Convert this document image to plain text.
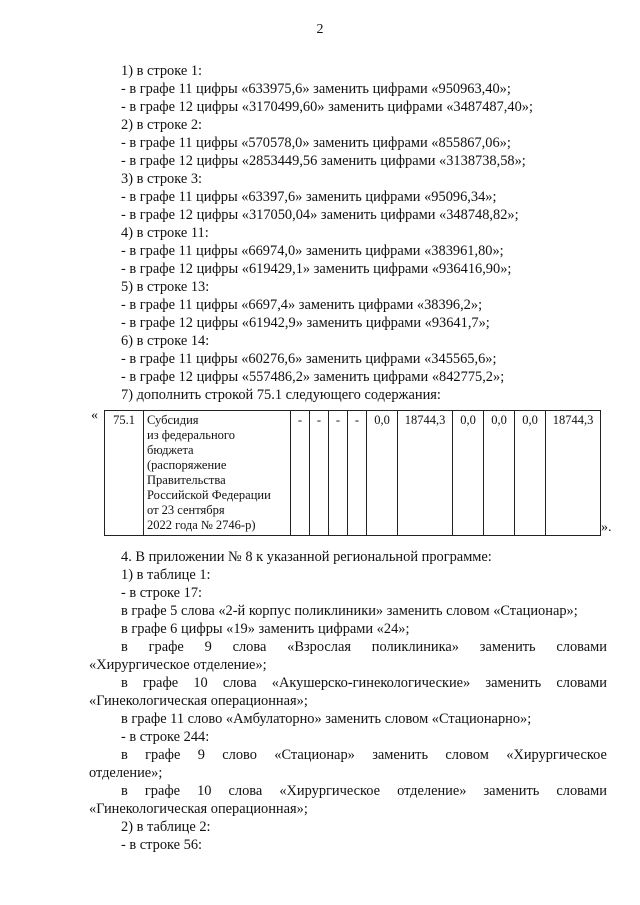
2
1) в строке 1:
- в графе 11 цифры «633975,6» заменить цифрами «950963,40»;
- в графе 12 цифры «3170499,60» заменить цифрами «3487487,40»;
2) в строке 2:
- в графе 11 цифры «570578,0» заменить цифрами «855867,06»;
- в графе 12 цифры «2853449,56 заменить цифрами «3138738,58»;
3) в строке 3:
- в графе 11 цифры «63397,6» заменить цифрами «95096,34»;
- в графе 12 цифры «317050,04» заменить цифрами «348748,82»;
4) в строке 11:
- в графе 11 цифры «66974,0» заменить цифрами «383961,80»;
- в графе 12 цифры «619429,1» заменить цифрами «936416,90»;
5) в строке 13:
- в графе 11 цифры «6697,4» заменить цифрами «38396,2»;
- в графе 12 цифры «61942,9» заменить цифрами «93641,7»;
6) в строке 14:
- в графе 11 цифры «60276,6» заменить цифрами «345565,6»;
- в графе 12 цифры «557486,2» заменить цифрами «842775,2»;
7) дополнить строкой 75.1 следующего содержания:
« 75.1	Субсидия
из федерального
бюджета
(распоряжение
Правительства
Российской Федерации
от 23 сентября
2022 года № 2746-р)
	-	-	-	-	0,0	18744,3	0,0	0,0	0,0	18744,3
».
4. В приложении № 8 к указанной региональной программе:
1) в таблице 1:
- в строке 17:
в графе 5 слова «2-й корпус поликлиники» заменить словом «Стационар»;
в графе 6 цифры «19» заменить цифрами «24»;
в графе 9 слова «Взрослая поликлиника» заменить словами
«Хирургическое отделение»;
в графе 10 слова «Акушерско-гинекологические» заменить словами
«Гинекологическая операционная»;
в графе 11 слово «Амбулаторно» заменить словом «Стационарно»;
- в строке 244:
в графе 9 слово «Стационар» заменить словом «Хирургическое
отделение»;
в графе 10 слова «Хирургическое отделение» заменить словами
«Гинекологическая операционная»;
2) в таблице 2:
- в строке 56:
